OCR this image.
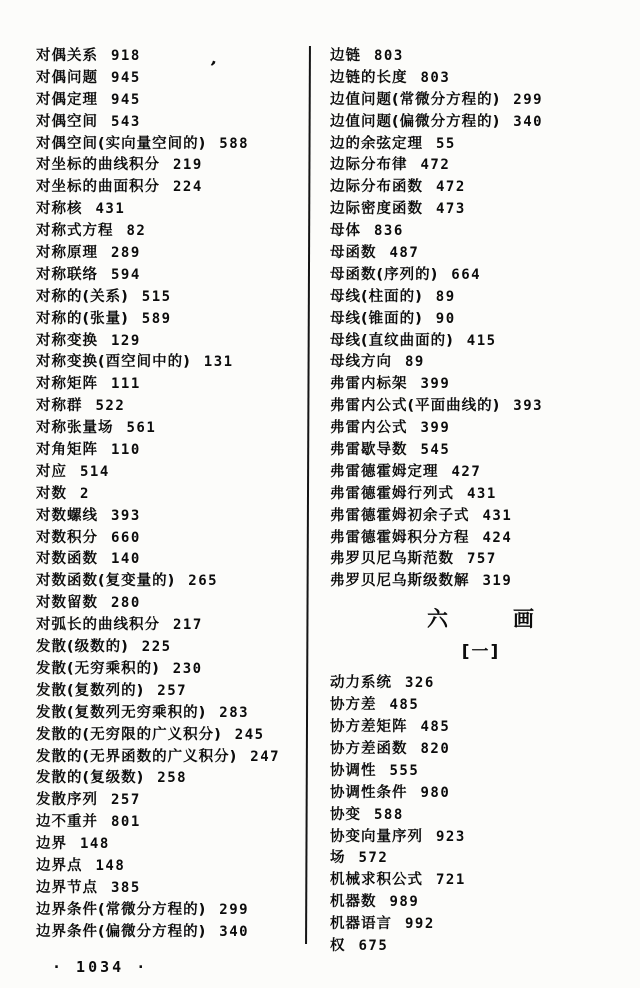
,
对偶关系 918
对偶问题 945
对偶定理 945
对偶空间 543
对偶空间(实向量空间的) 588
对坐标的曲线积分 219
对坐标的曲面积分 224
对称核 431
对称式方程 82
对称原理 289
对称联络 594
对称的(关系) 515
对称的(张量) 589
对称变换 129
对称变换(酉空间中的) 131
对称矩阵 111
对称群 522
对称张量场 561
对角矩阵 110
对应 514
对数 2
对数螺线 393
对数积分 660
对数函数 140
对数函数(复变量的) 265
对数留数 280
对弧长的曲线积分 217
发散(级数的) 225
发散(无穷乘积的) 230
发散(复数列的) 257
发散(复数列无穷乘积的) 283
发散的(无穷限的广义积分) 245
发散的(无界函数的广义积分) 247
发散的(复级数) 258
发散序列 257
边不重并 801
边界 148
边界点 148
边界节点 385
边界条件(常微分方程的) 299
边界条件(偏微分方程的) 340
边链 803
边链的长度 803
边值问题(常微分方程的) 299
边值问题(偏微分方程的) 340
边的余弦定理 55
边际分布律 472
边际分布函数 472
边际密度函数 473
母体 836
母函数 487
母函数(序列的) 664
母线(柱面的) 89
母线(锥面的) 90
母线(直纹曲面的) 415
母线方向 89
弗雷内标架 399
弗雷内公式(平面曲线的) 393
弗雷内公式 399
弗雷歇导数 545
弗雷德霍姆定理 427
弗雷德霍姆行列式 431
弗雷德霍姆初余子式 431
弗雷德霍姆积分方程 424
弗罗贝尼乌斯范数 757
弗罗贝尼乌斯级数解 319
六	画
[一]
动力系统 326
协方差 485
协方差矩阵 485
协方差函数 820
协调性 555
协调性条件 980
协变 588
协变向量序列 923
场 572
机械求积公式 721
机器数 989
机器语言 992
权 675
· 1034 ·
